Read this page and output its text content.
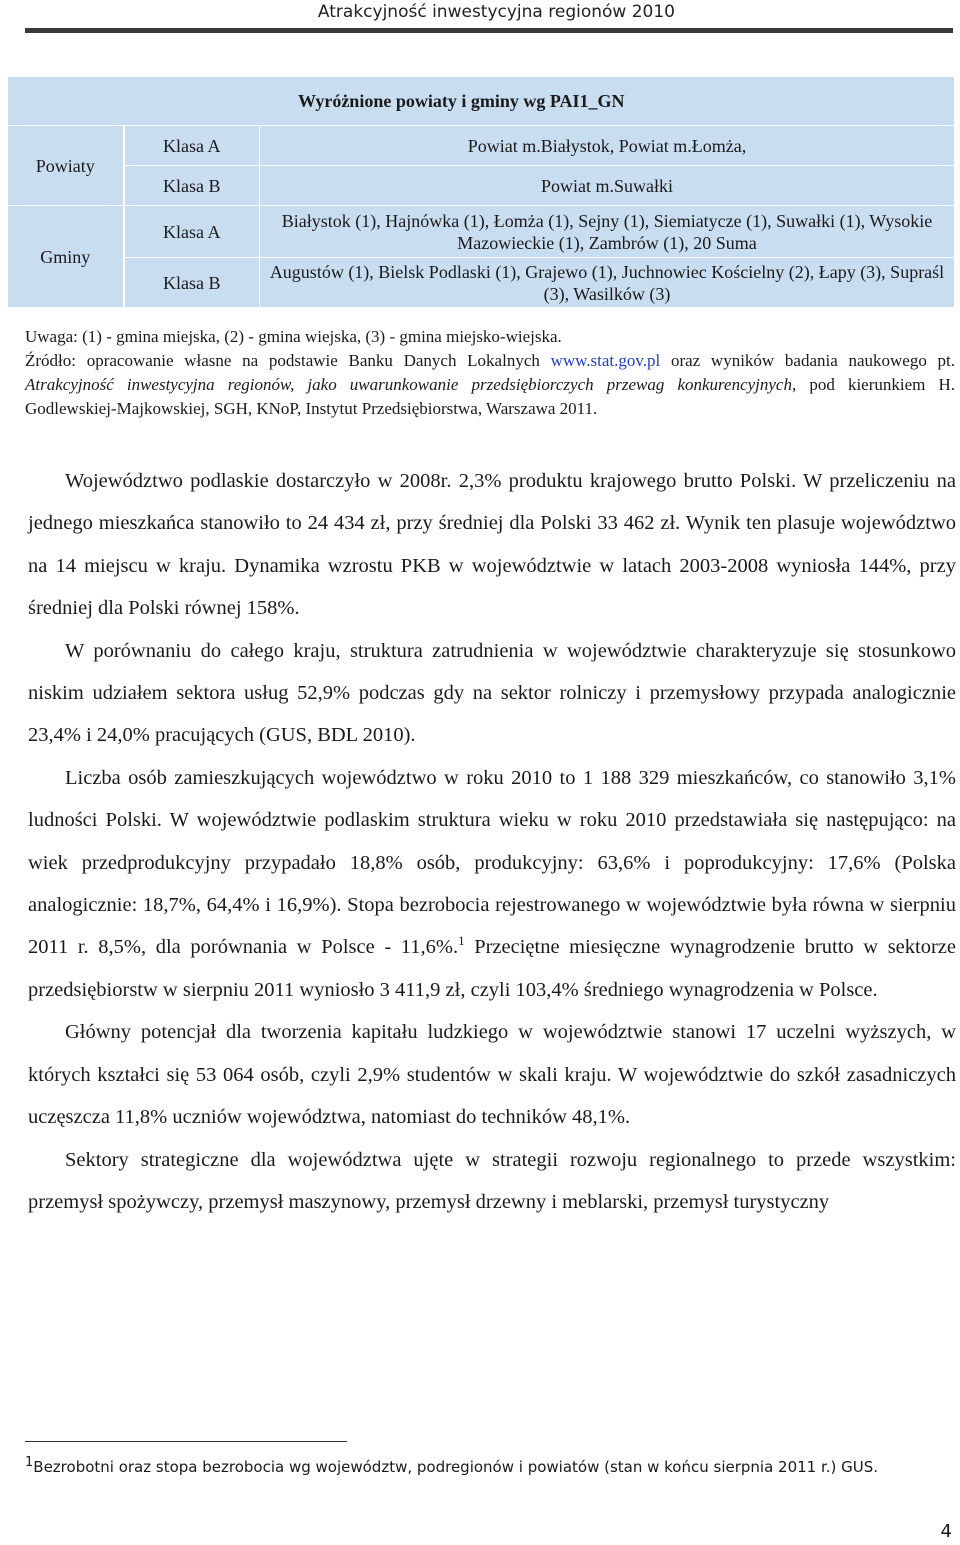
Atrakcyjność inwestycyjna regionów 2010
Wyróżnione powiaty i gminy wg PAI1_GN		
Powiaty	Klasa A	Powiat m.Białystok, Powiat m.Łomża,
	Klasa B	Powiat m.Suwałki
Gminy	Klasa A	Białystok (1), Hajnówka (1), Łomża (1), Sejny (1), Siemiatycze (1), Suwałki (1), Wysokie Mazowieckie (1), Zambrów (1), 20 Suma
	Klasa B	Augustów (1), Bielsk Podlaski (1), Grajewo (1), Juchnowiec Kościelny (2), Łapy (3), Supraśl (3), Wasilków (3)

Uwaga: (1) - gmina miejska, (2) - gmina wiejska, (3) - gmina miejsko-wiejska.

Źródło: opracowanie własne na podstawie Banku Danych Lokalnych www.stat.gov.pl oraz wyników badania naukowego pt. Atrakcyjność inwestycyjna regionów, jako uwarunkowanie przedsiębiorczych przewag konkurencyjnych, pod kierunkiem H. Godlewskiej-Majkowskiej, SGH, KNoP, Instytut Przedsiębiorstwa, Warszawa 2011.

Województwo podlaskie dostarczyło w 2008r. 2,3% produktu krajowego brutto Polski. W przeliczeniu na jednego mieszkańca stanowiło to 24 434 zł, przy średniej dla Polski 33 462 zł. Wynik ten plasuje województwo na 14 miejscu w kraju. Dynamika wzrostu PKB w województwie w latach 2003-2008 wyniosła 144%, przy średniej dla Polski równej 158%.

W porównaniu do całego kraju, struktura zatrudnienia w województwie charakteryzuje się stosunkowo niskim udziałem sektora usług 52,9% podczas gdy na sektor rolniczy i przemysłowy przypada analogicznie 23,4% i 24,0% pracujących (GUS, BDL 2010).

Liczba osób zamieszkujących województwo w roku 2010 to 1 188 329 mieszkańców, co stanowiło 3,1% ludności Polski. W województwie podlaskim struktura wieku w roku 2010 przedstawiała się następująco: na wiek przedprodukcyjny przypadało 18,8% osób, produkcyjny: 63,6% i poprodukcyjny: 17,6% (Polska analogicznie: 18,7%, 64,4% i 16,9%). Stopa bezrobocia rejestrowanego w województwie była równa w sierpniu 2011 r. 8,5%, dla porównania w Polsce - 11,6%.$^1$ Przeciętne miesięczne wynagrodzenie brutto w sektorze przedsiębiorstw w sierpniu 2011 wyniosło 3 411,9 zł, czyli 103,4% średniego wynagrodzenia w Polsce.

Główny potencjał dla tworzenia kapitału ludzkiego w województwie stanowi 17 uczelni wyższych, w których kształci się 53 064 osób, czyli 2,9% studentów w skali kraju. W województwie do szkół zasadniczych uczęszcza 11,8% uczniów województwa, natomiast do techników 48,1%.

Sektory strategiczne dla województwa ujęte w strategii rozwoju regionalnego to przede wszystkim: przemysł spożywczy, przemysł maszynowy, przemysł drzewny i meblarski, przemysł turystyczny

$^1$Bezrobotni oraz stopa bezrobocia wg województw, podregionów i powiatów (stan w końcu sierpnia 2011 r.) GUS.
4
